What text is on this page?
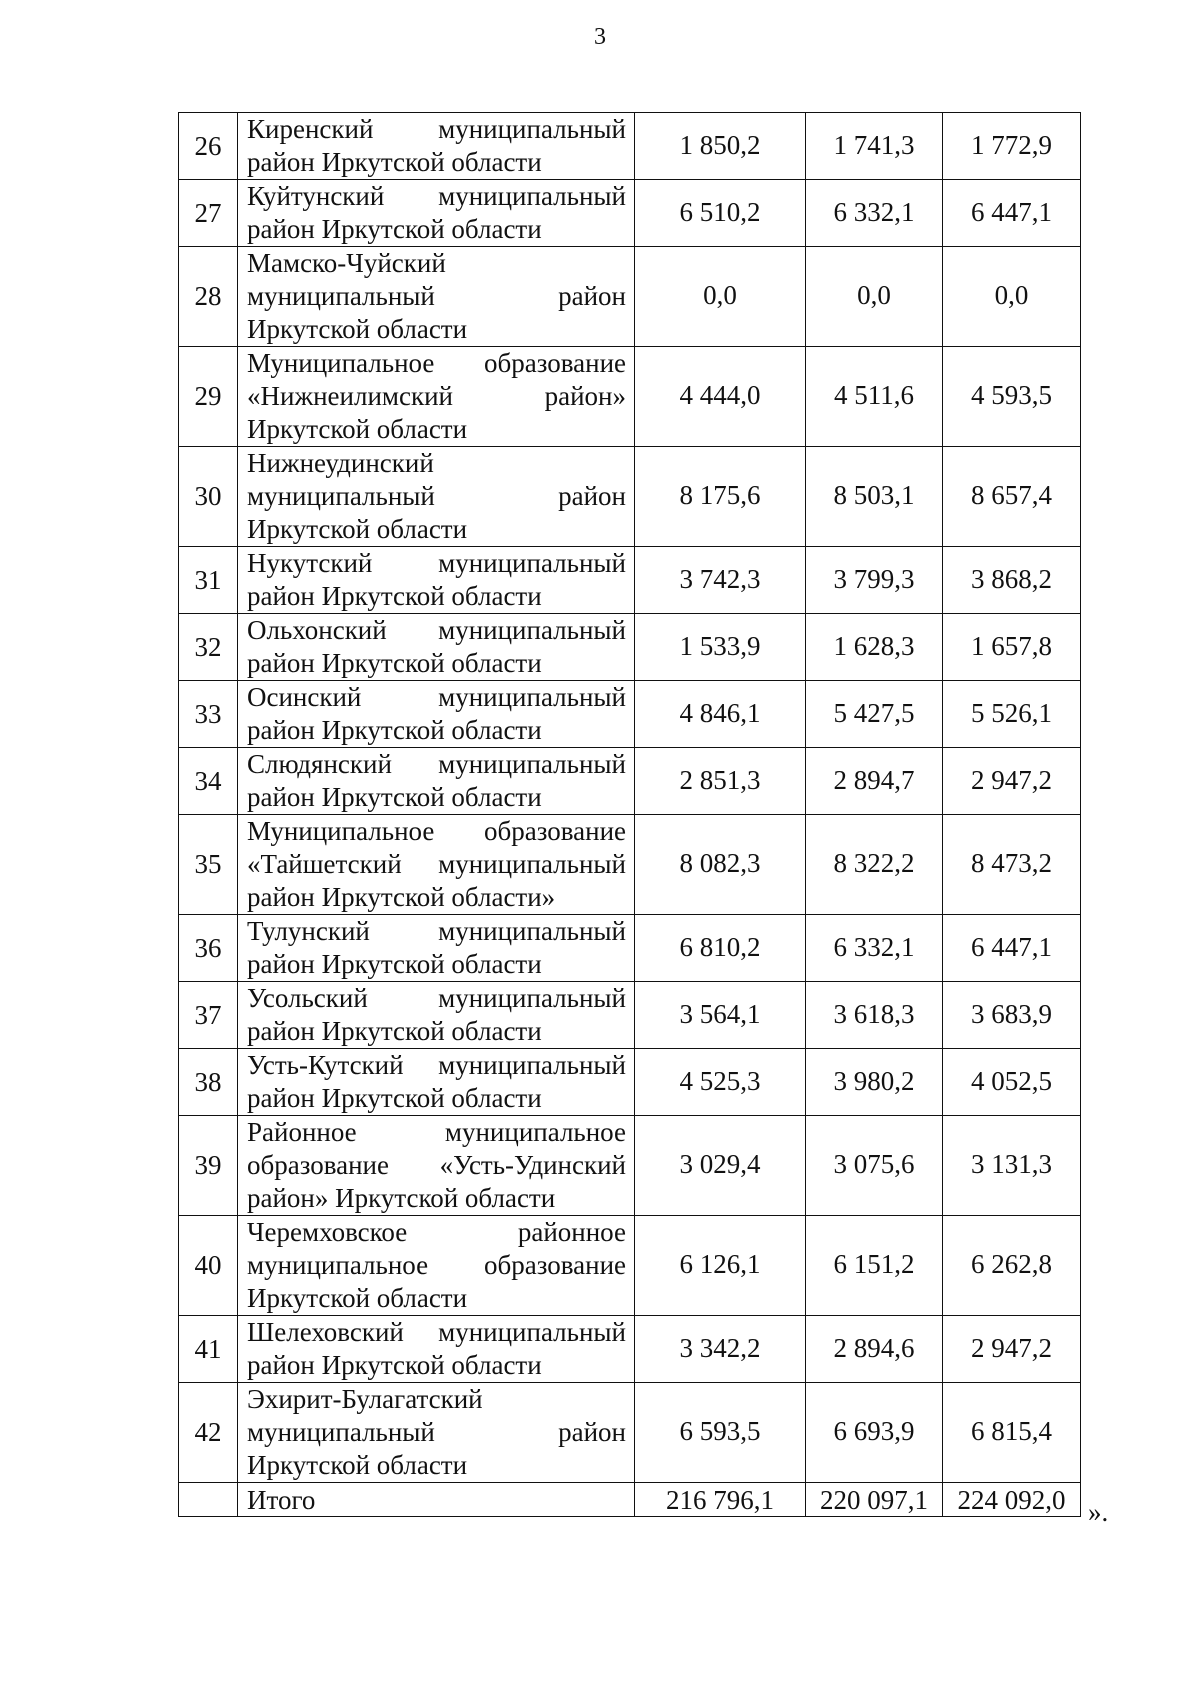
3
26	Киренский муниципальный район Иркутской области	1 850,2	1 741,3	1 772,9
27	Куйтунский муниципальный район Иркутской области	6 510,2	6 332,1	6 447,1
28	Мамско-Чуйский муниципальный район Иркутской области	0,0	0,0	0,0
29	Муниципальное образование «Нижнеилимский район» Иркутской области	4 444,0	4 511,6	4 593,5
30	Нижнеудинский муниципальный район Иркутской области	8 175,6	8 503,1	8 657,4
31	Нукутский муниципальный район Иркутской области	3 742,3	3 799,3	3 868,2
32	Ольхонский муниципальный район Иркутской области	1 533,9	1 628,3	1 657,8
33	Осинский муниципальный район Иркутской области	4 846,1	5 427,5	5 526,1
34	Слюдянский муниципальный район Иркутской области	2 851,3	2 894,7	2 947,2
35	Муниципальное образование «Тайшетский муниципальный район Иркутской области»	8 082,3	8 322,2	8 473,2
36	Тулунский муниципальный район Иркутской области	6 810,2	6 332,1	6 447,1
37	Усольский муниципальный район Иркутской области	3 564,1	3 618,3	3 683,9
38	Усть-Кутский муниципальный район Иркутской области	4 525,3	3 980,2	4 052,5
39	Районное муниципальное образование «Усть-Удинский район» Иркутской области	3 029,4	3 075,6	3 131,3
40	Черемховское районное муниципальное образование Иркутской области	6 126,1	6 151,2	6 262,8
41	Шелеховский муниципальный район Иркутской области	3 342,2	2 894,6	2 947,2
42	Эхирит-Булагатский муниципальный район Иркутской области	6 593,5	6 693,9	6 815,4
	Итого	216 796,1	220 097,1	224 092,0 ».
